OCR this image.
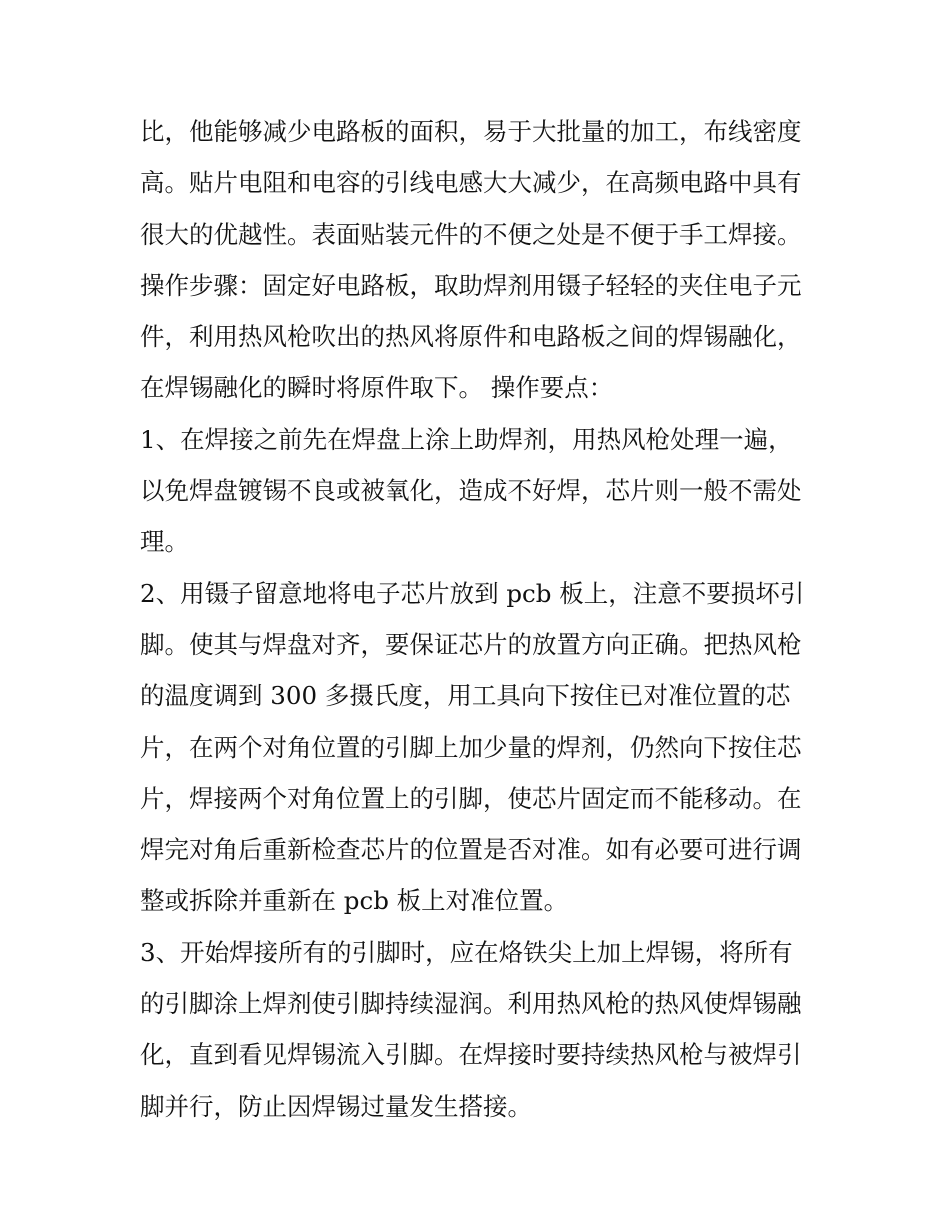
比，他能够减少电路板的面积，易于大批量的加工，布线密度
高。贴片电阻和电容的引线电感大大减少，在高频电路中具有
很大的优越性。表面贴装元件的不便之处是不便于手工焊接。
操作步骤：固定好电路板，取助焊剂用镊子轻轻的夹住电子元
件，利用热风枪吹出的热风将原件和电路板之间的焊锡融化，
在焊锡融化的瞬时将原件取下。 操作要点：
1、在焊接之前先在焊盘上涂上助焊剂，用热风枪处理一遍，
以免焊盘镀锡不良或被氧化，造成不好焊，芯片则一般不需处
理。
2、用镊子留意地将电子芯片放到 pcb 板上，注意不要损坏引
脚。使其与焊盘对齐，要保证芯片的放置方向正确。把热风枪
的温度调到 300 多摄氏度，用工具向下按住已对准位置的芯
片，在两个对角位置的引脚上加少量的焊剂，仍然向下按住芯
片，焊接两个对角位置上的引脚，使芯片固定而不能移动。在
焊完对角后重新检查芯片的位置是否对准。如有必要可进行调
整或拆除并重新在 pcb 板上对准位置。
3、开始焊接所有的引脚时，应在烙铁尖上加上焊锡，将所有
的引脚涂上焊剂使引脚持续湿润。利用热风枪的热风使焊锡融
化，直到看见焊锡流入引脚。在焊接时要持续热风枪与被焊引
脚并行，防止因焊锡过量发生搭接。
